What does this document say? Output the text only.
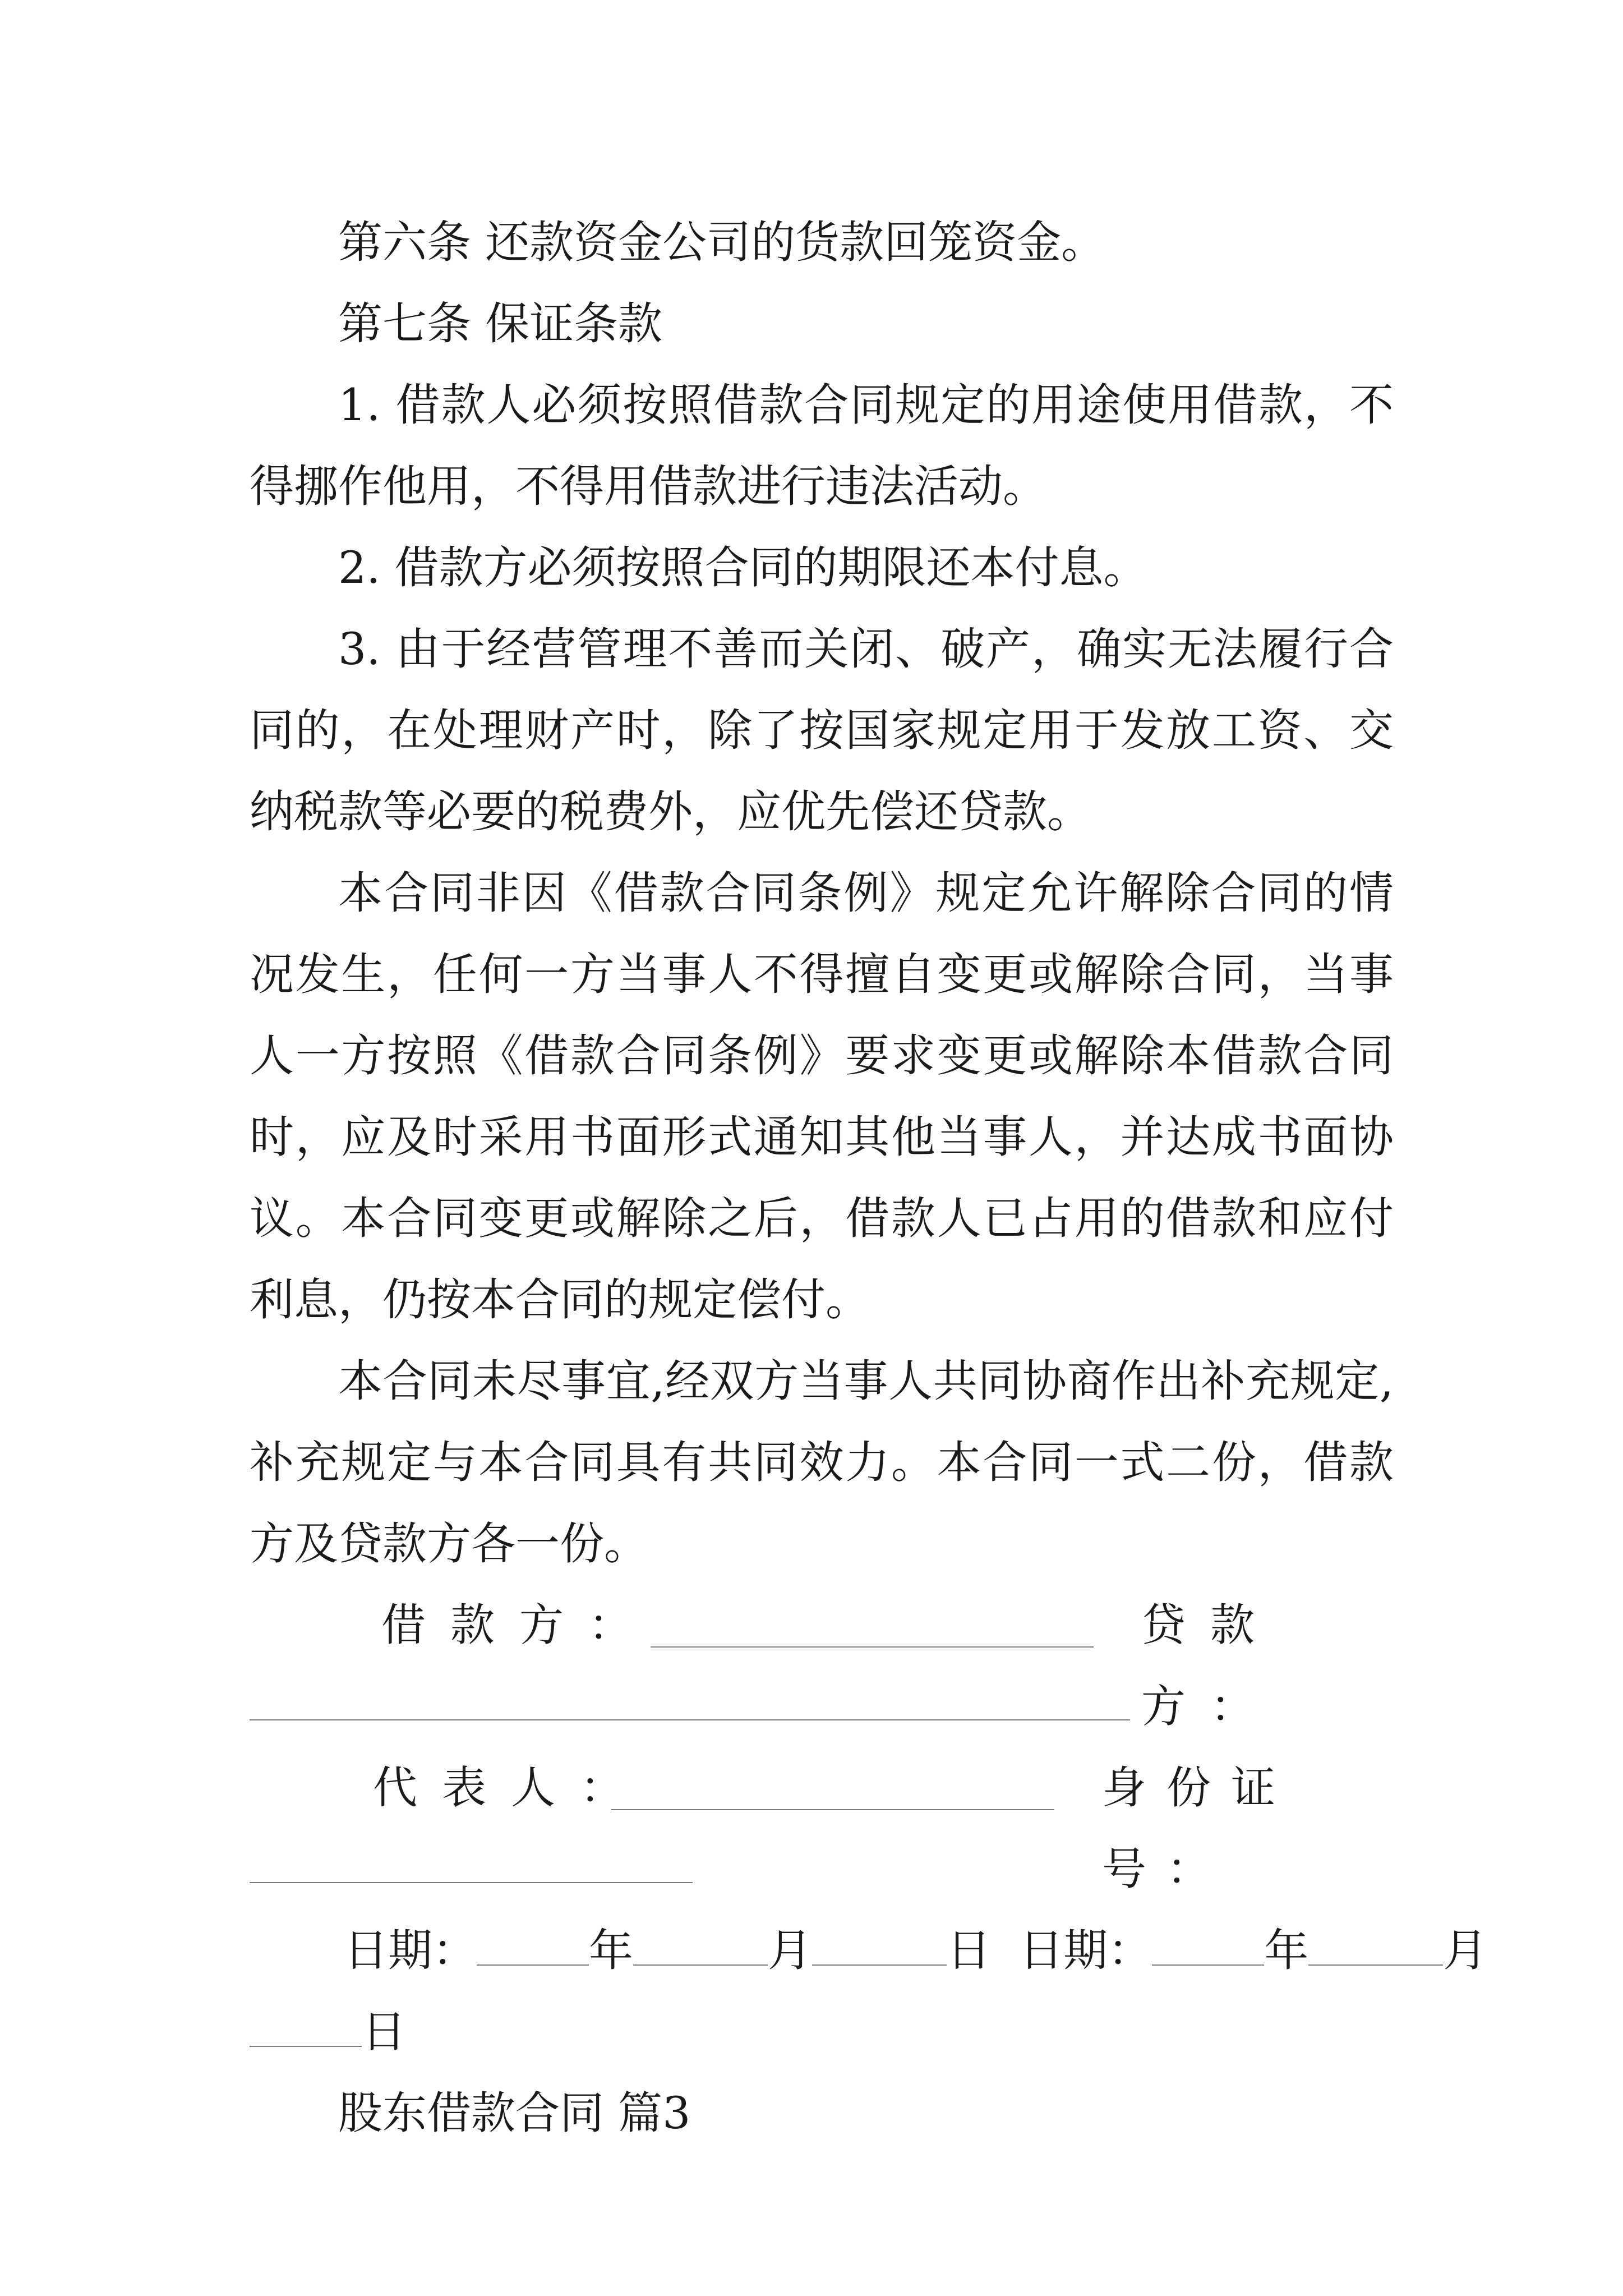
第六条 还款资金公司的货款回笼资金。

第七条 保证条款

1. 借款人必须按照借款合同规定的用途使用借款，不得挪作他用，不得用借款进行违法活动。

2. 借款方必须按照合同的期限还本付息。

3. 由于经营管理不善而关闭、破产，确实无法履行合同的，在处理财产时，除了按国家规定用于发放工资、交纳税款等必要的税费外，应优先偿还贷款。

本合同非因《借款合同条例》规定允许解除合同的情况发生，任何一方当事人不得擅自变更或解除合同，当事人一方按照《借款合同条例》要求变更或解除本借款合同时，应及时采用书面形式通知其他当事人，并达成书面协议。本合同变更或解除之后，借款人已占用的借款和应付利息，仍按本合同的规定偿付。

本合同未尽事宜,经双方当事人共同协商作出补充规定,补充规定与本合同具有共同效力。本合同一式二份，借款方及贷款方各一份。

借款方：	贷款方：
代表人：	身份证号：

日期：	年	月	日 日期：	年	月

日

股东借款合同 篇3
